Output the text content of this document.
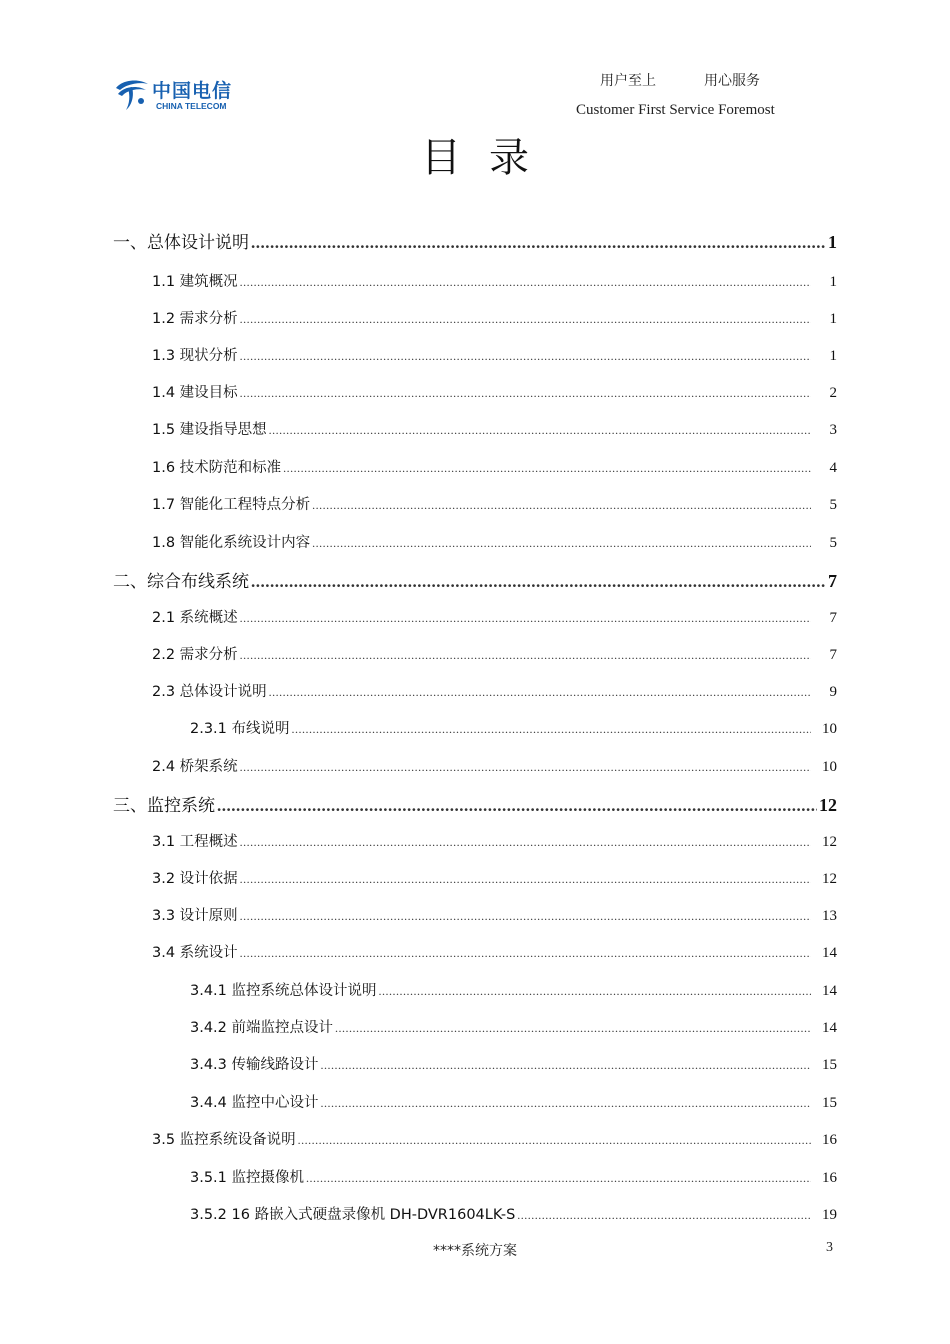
中国电信
CHINA TELECOM
用户至上	用心服务
Customer First Service Foremost
目录
一、总体设计说明 .....	1
1.1 建筑概况 .....	1
1.2 需求分析 .....	1
1.3 现状分析 .....	1
1.4 建设目标 .....	2
1.5 建设指导思想 .....	3
1.6 技术防范和标准 .....	4
1.7 智能化工程特点分析 .....	5
1.8 智能化系统设计内容 .....	5
二、综合布线系统 .....	7
2.1 系统概述 .....	7
2.2 需求分析 .....	7
2.3 总体设计说明 .....	9
2.3.1 布线说明 .....	10
2.4 桥架系统 .....	10
三、监控系统 .....	12
3.1 工程概述 .....	12
3.2 设计依据 .....	12
3.3 设计原则 .....	13
3.4 系统设计 .....	14
3.4.1 监控系统总体设计说明 .....	14
3.4.2 前端监控点设计 .....	14
3.4.3 传输线路设计 .....	15
3.4.4 监控中心设计 .....	15
3.5 监控系统设备说明 .....	16
3.5.1 监控摄像机 .....	16
3.5.2 16 路嵌入式硬盘录像机 DH-DVR1604LK-S .....	19
****系统方案	3
